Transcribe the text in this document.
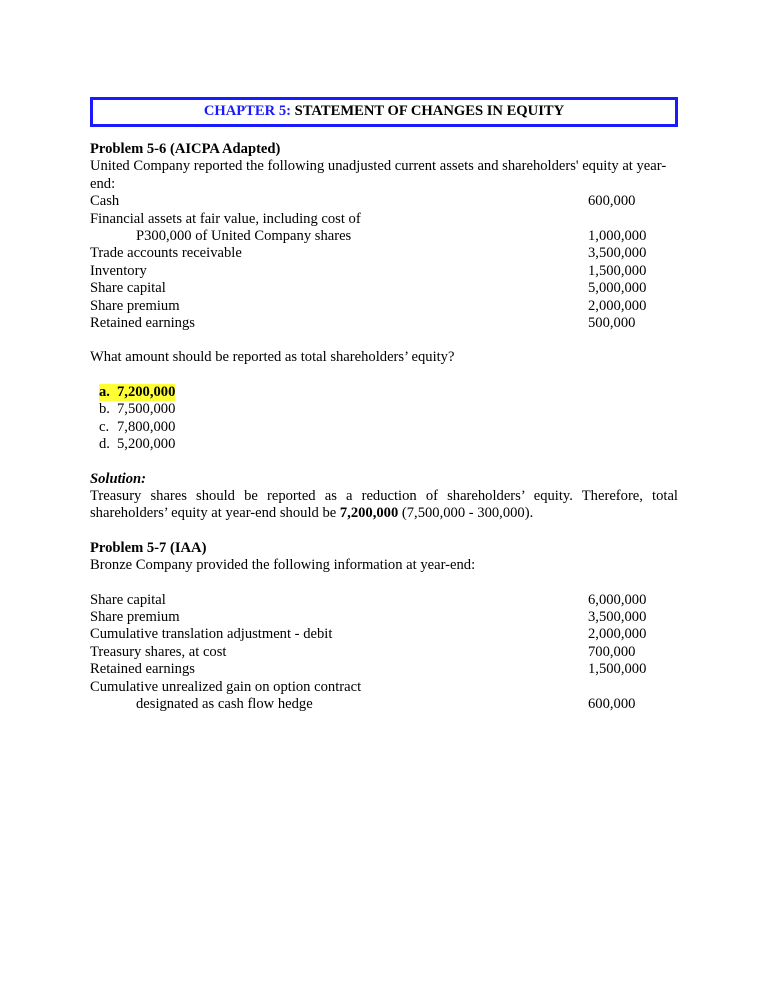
CHAPTER 5:
STATEMENT OF CHANGES IN EQUITY
Problem 5-6 (AICPA Adapted)
United Company reported the following unadjusted current assets and shareholders' equity at year-end:
Cash	600,000
Financial assets at fair value, including cost of
P300,000 of United Company shares	1,000,000
Trade accounts receivable	3,500,000
Inventory	1,500,000
Share capital	5,000,000
Share premium	2,000,000
Retained earnings	500,000
What amount should be reported as total shareholders’ equity?
a. 7,200,000
b. 7,500,000
c. 7,800,000
d. 5,200,000
Solution:
Treasury shares should be reported as a reduction of shareholders’ equity. Therefore, total shareholders’ equity at year-end should be 7,200,000 (7,500,000 - 300,000).
Problem 5-7 (IAA)
Bronze Company provided the following information at year-end:
Share capital	6,000,000
Share premium	3,500,000
Cumulative translation adjustment - debit	2,000,000
Treasury shares, at cost	700,000
Retained earnings	1,500,000
Cumulative unrealized gain on option contract
designated as cash flow hedge	600,000
